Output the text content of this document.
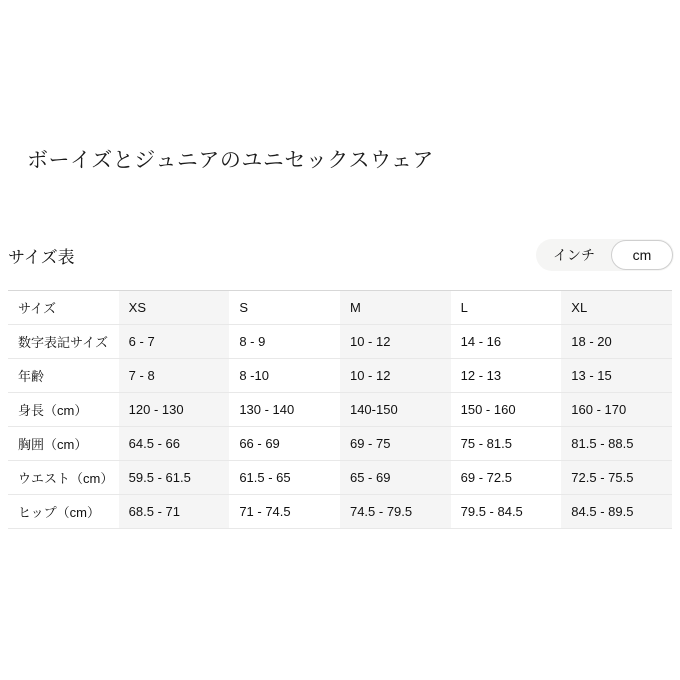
ボーイズとジュニアのユニセックスウェア
サイズ表	インチ	cm
サイズ	XS	S	M	L	XL
数字表記サイズ	6 - 7	8 - 9	10 - 12	14 - 16	18 - 20
年齢	7 - 8	8 -10	10 - 12	12 - 13	13 - 15
身長（cm）	120 - 130	130 - 140	140-150	150 - 160	160 - 170
胸囲（cm）	64.5 - 66	66 - 69	69 - 75	75 - 81.5	81.5 - 88.5
ウエスト（cm）	59.5 - 61.5	61.5 - 65	65 - 69	69 - 72.5	72.5 - 75.5
ヒップ（cm）	68.5 - 71	71 - 74.5	74.5 - 79.5	79.5 - 84.5	84.5 - 89.5
